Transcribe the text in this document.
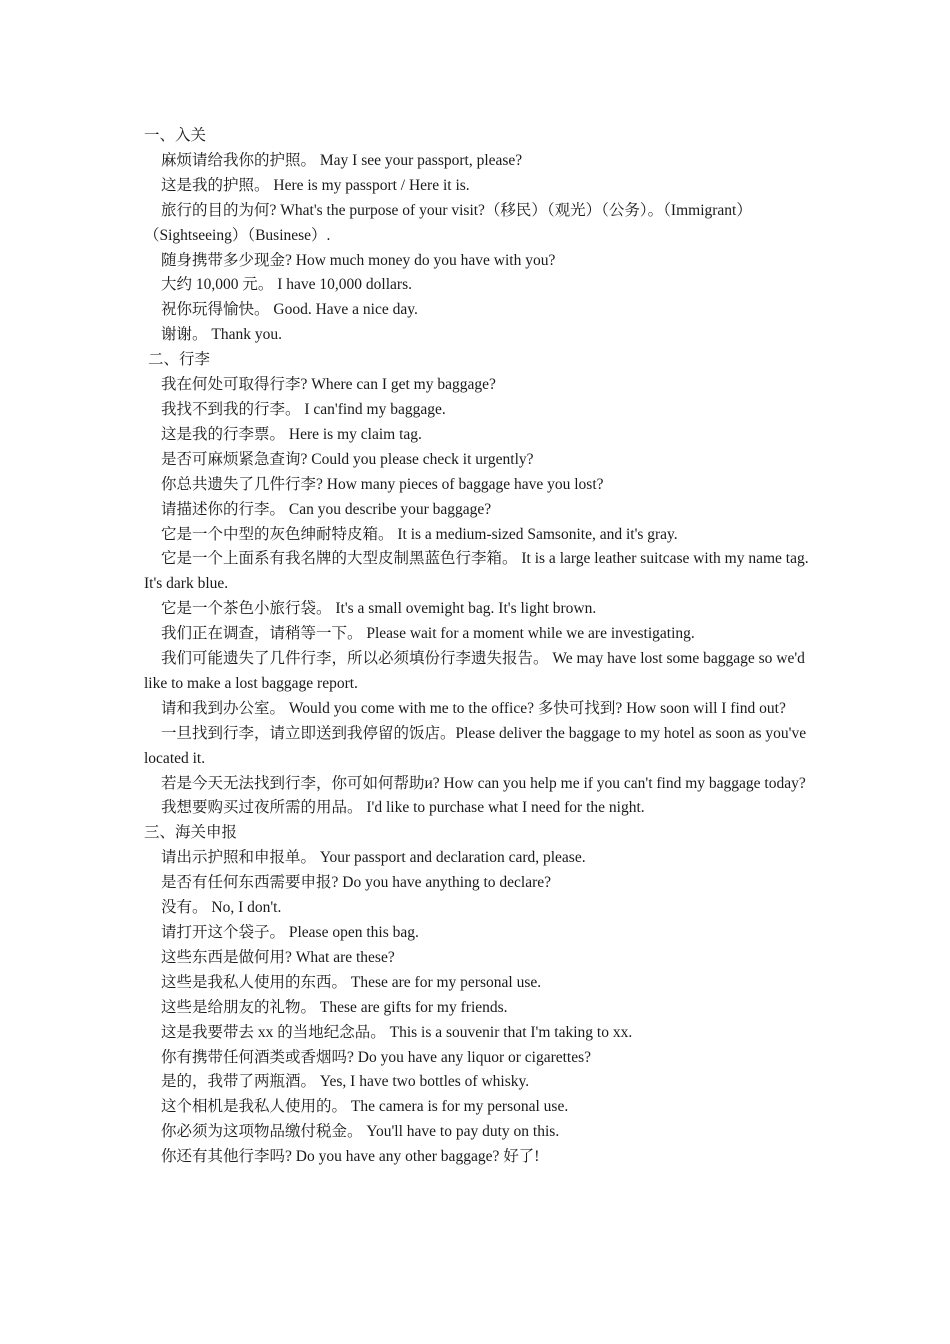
一、入关

麻烦请给我你的护照。 May I see your passport, please?

这是我的护照。 Here is my passport / Here it is.

旅行的目的为何? What's the purpose of your visit?（移民）（观光）（公务）。（Immigrant）（Sightseeing）（Businese）.

随身携带多少现金? How much money do you have with you?

大约 10,000 元。 I have 10,000 dollars.

祝你玩得愉快。 Good. Have a nice day.

谢谢。 Thank you.

二、行李

我在何处可取得行李? Where can I get my baggage?

我找不到我的行李。 I can'find my baggage.

这是我的行李票。 Here is my claim tag.

是否可麻烦紧急查询? Could you please check it urgently?

你总共遗失了几件行李? How many pieces of baggage have you lost?

请描述你的行李。 Can you describe your baggage?

它是一个中型的灰色绅耐特皮箱。 It is a medium-sized Samsonite, and it's gray.

它是一个上面系有我名牌的大型皮制黑蓝色行李箱。 It is a large leather suitcase with my name tag. It's dark blue.

它是一个茶色小旅行袋。 It's a small ovemight bag. It's light brown.

我们正在调查，请稍等一下。 Please wait for a moment while we are investigating.

我们可能遗失了几件行李，所以必须填份行李遗失报告。 We may have lost some baggage so we'd like to make a lost baggage report.

请和我到办公室。 Would you come with me to the office? 多快可找到? How soon will I find out?

一旦找到行李，请立即送到我停留的饭店。Please deliver the baggage to my hotel as soon as you've located it.

若是今天无法找到行李，你可如何帮助и? How can you help me if you can't find my baggage today?

我想要购买过夜所需的用品。 I'd like to purchase what I need for the night.

三、海关申报

请出示护照和申报单。 Your passport and declaration card, please.

是否有任何东西需要申报? Do you have anything to declare?

没有。 No, I don't.

请打开这个袋子。 Please open this bag.

这些东西是做何用? What are these?

这些是我私人使用的东西。 These are for my personal use.

这些是给朋友的礼物。 These are gifts for my friends.

这是我要带去 xx 的当地纪念品。 This is a souvenir that I'm taking to xx.

你有携带任何酒类或香烟吗? Do you have any liquor or cigarettes?

是的，我带了两瓶酒。 Yes, I have two bottles of whisky.

这个相机是我私人使用的。 The camera is for my personal use.

你必须为这项物品缴付税金。 You'll have to pay duty on this.

你还有其他行李吗? Do you have any other baggage? 好了!
